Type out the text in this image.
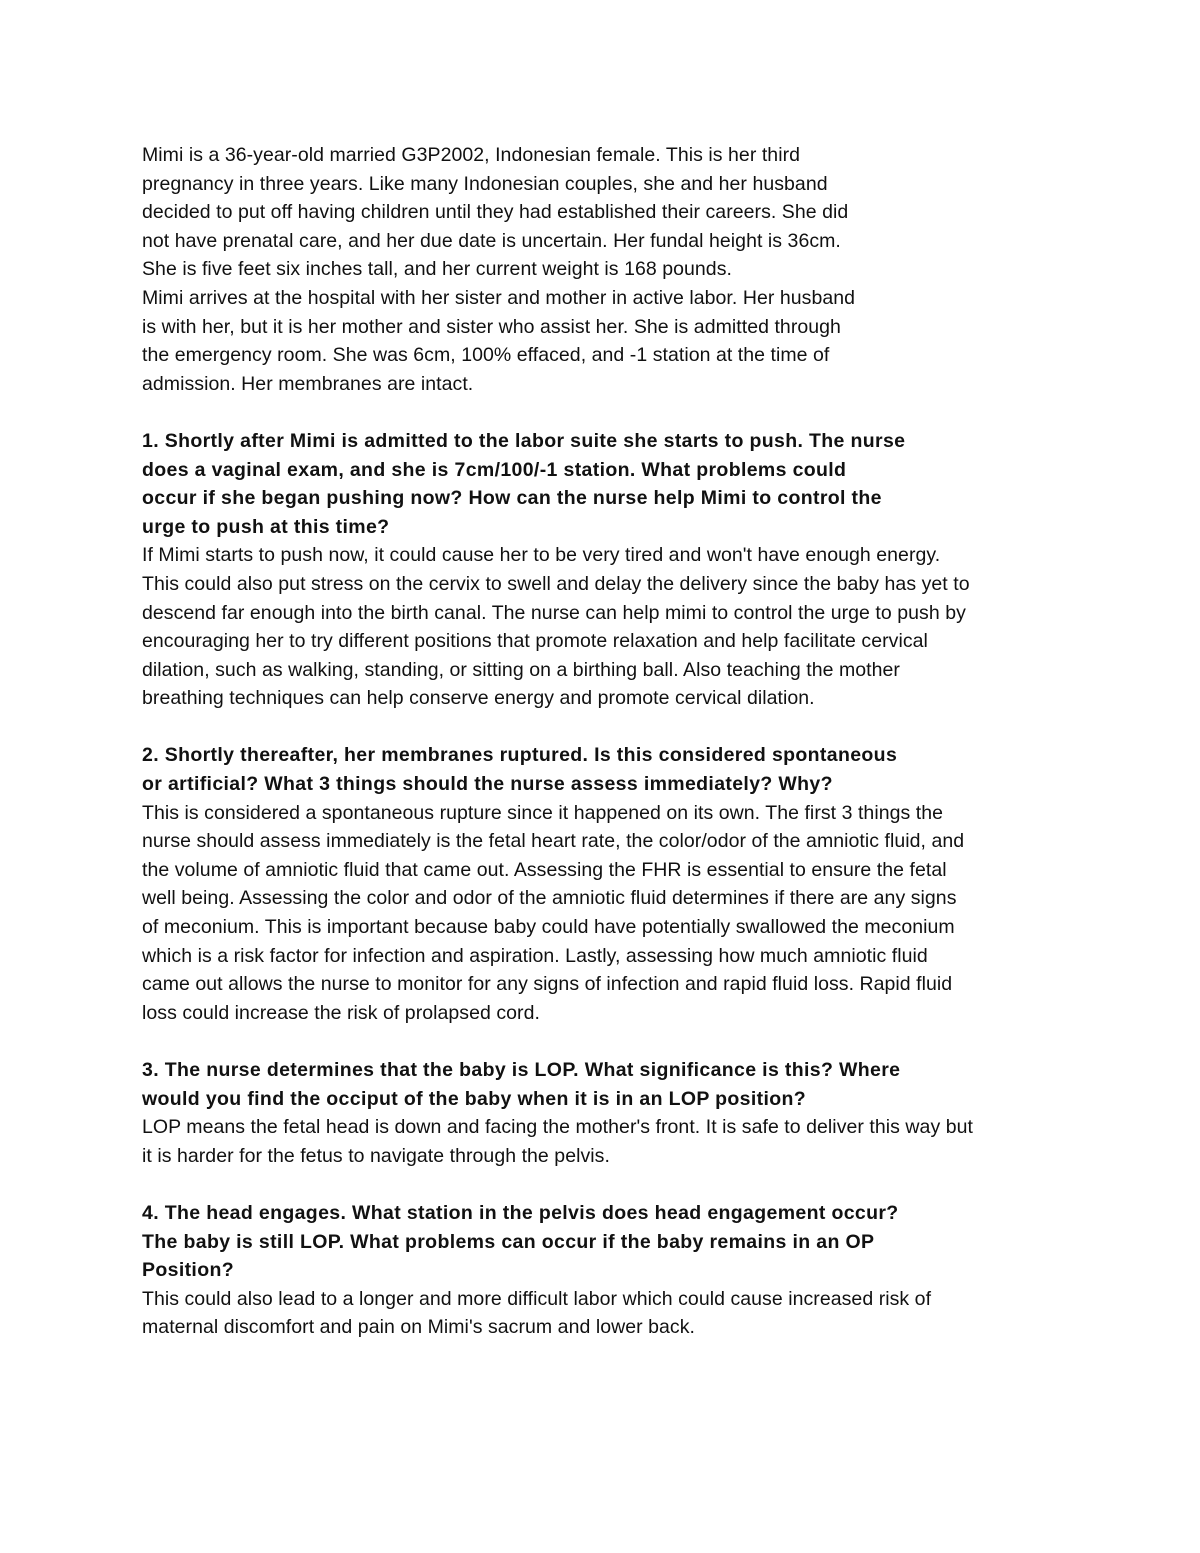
Mimi is a 36-year-old married G3P2002, Indonesian female. This is her third
pregnancy in three years. Like many Indonesian couples, she and her husband
decided to put off having children until they had established their careers. She did
not have prenatal care, and her due date is uncertain. Her fundal height is 36cm.
She is five feet six inches tall, and her current weight is 168 pounds.
Mimi arrives at the hospital with her sister and mother in active labor. Her husband
is with her, but it is her mother and sister who assist her. She is admitted through
the emergency room. She was 6cm, 100% effaced, and -1 station at the time of
admission. Her membranes are intact.
1. Shortly after Mimi is admitted to the labor suite she starts to push. The nurse
does a vaginal exam, and she is 7cm/100/-1 station. What problems could
occur if she began pushing now? How can the nurse help Mimi to control the
urge to push at this time?
If Mimi starts to push now, it could cause her to be very tired and won't have enough energy.
This could also put stress on the cervix to swell and delay the delivery since the baby has yet to
descend far enough into the birth canal. The nurse can help mimi to control the urge to push by
encouraging her to try different positions that promote relaxation and help facilitate cervical
dilation, such as walking, standing, or sitting on a birthing ball. Also teaching the mother
breathing techniques can help conserve energy and promote cervical dilation.
2. Shortly thereafter, her membranes ruptured. Is this considered spontaneous
or artificial? What 3 things should the nurse assess immediately? Why?
This is considered a spontaneous rupture since it happened on its own. The first 3 things the
nurse should assess immediately is the fetal heart rate, the color/odor of the amniotic fluid, and
the volume of amniotic fluid that came out. Assessing the FHR is essential to ensure the fetal
well being. Assessing the color and odor of the amniotic fluid determines if there are any signs
of meconium. This is important because baby could have potentially swallowed the meconium
which is a risk factor for infection and aspiration. Lastly, assessing how much amniotic fluid
came out allows the nurse to monitor for any signs of infection and rapid fluid loss. Rapid fluid
loss could increase the risk of prolapsed cord.
3. The nurse determines that the baby is LOP. What significance is this? Where
would you find the occiput of the baby when it is in an LOP position?
LOP means the fetal head is down and facing the mother's front. It is safe to deliver this way but
it is harder for the fetus to navigate through the pelvis.
4. The head engages. What station in the pelvis does head engagement occur?
The baby is still LOP. What problems can occur if the baby remains in an OP
Position?
This could also lead to a longer and more difficult labor which could cause increased risk of
maternal discomfort and pain on Mimi's sacrum and lower back.
